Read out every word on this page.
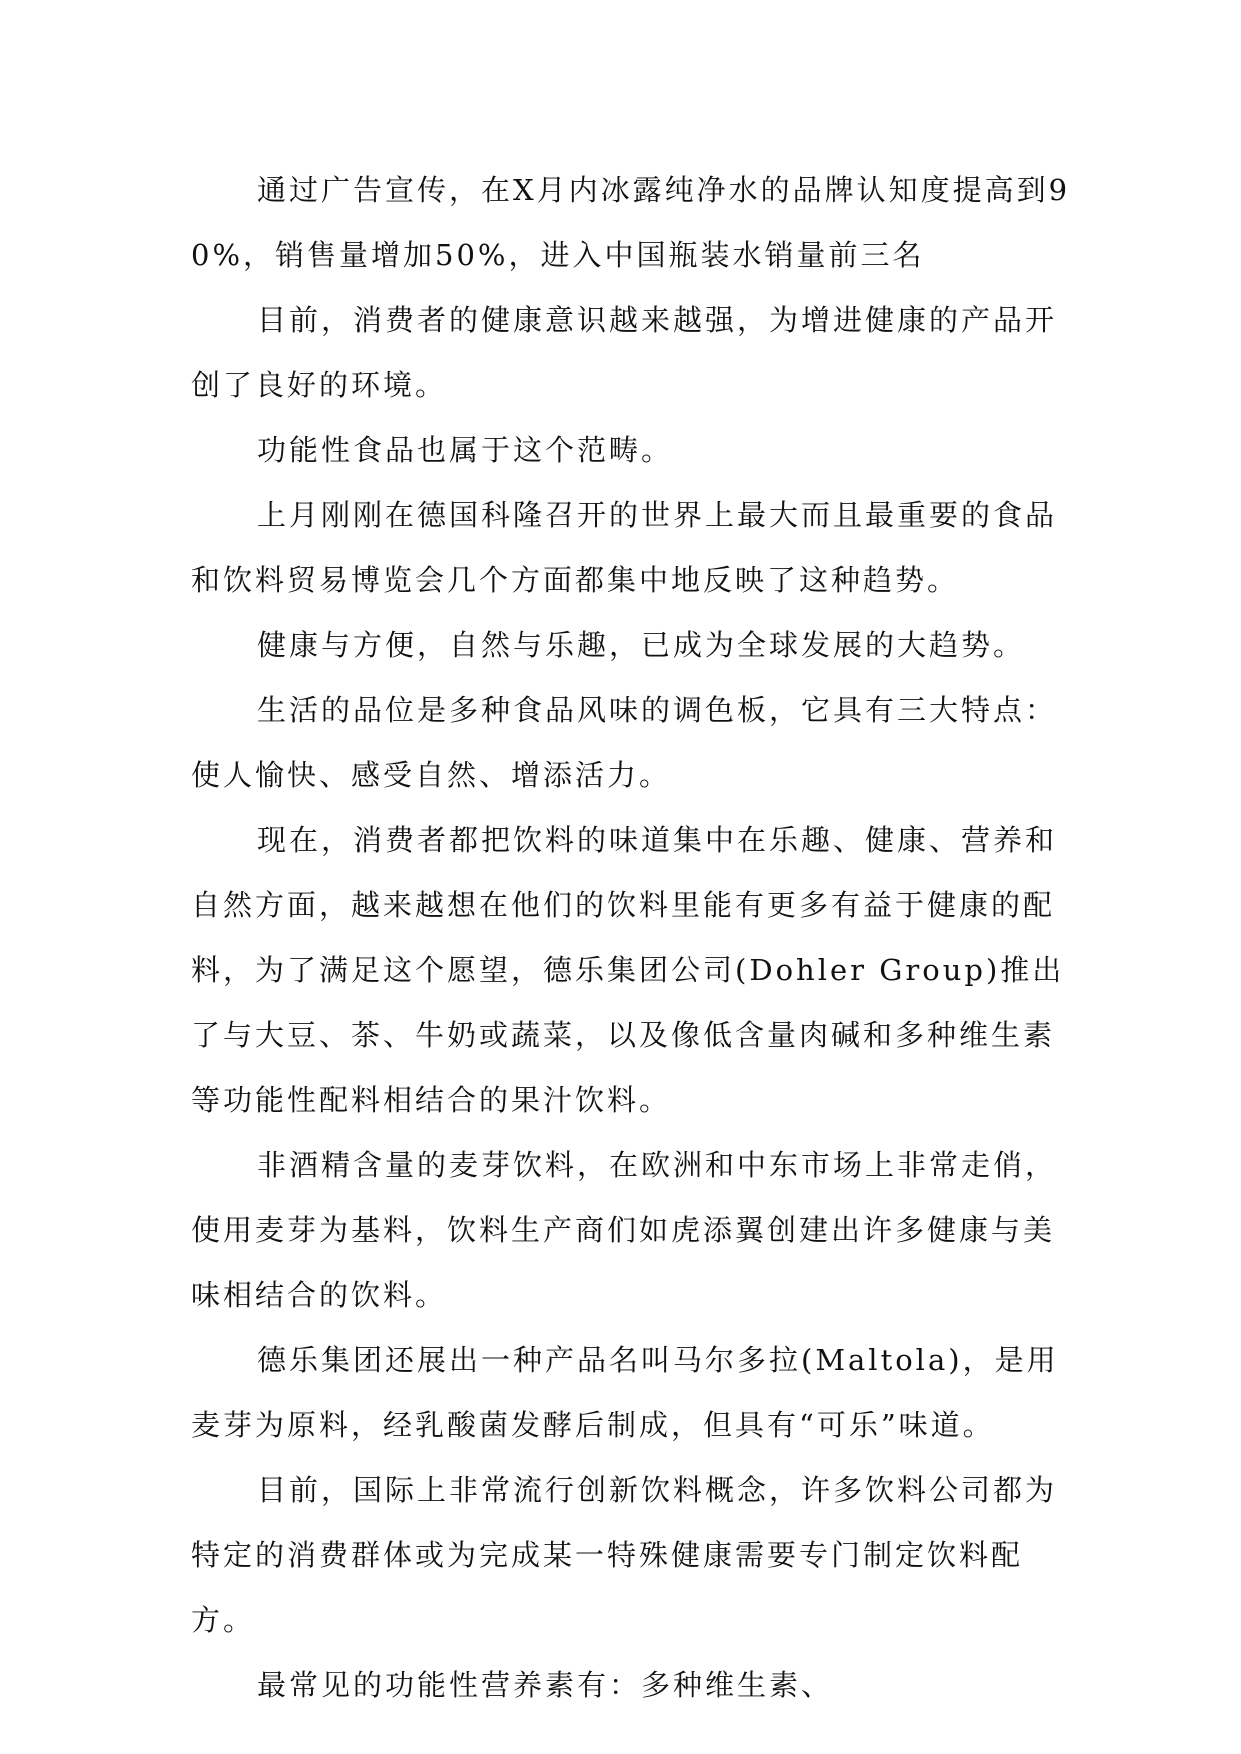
通过广告宣传，在X月内冰露纯净水的品牌认知度提高到90%，销售量增加50%，进入中国瓶装水销量前三名

目前，消费者的健康意识越来越强，为增进健康的产品开创了良好的环境。

功能性食品也属于这个范畴。

上月刚刚在德国科隆召开的世界上最大而且最重要的食品和饮料贸易博览会几个方面都集中地反映了这种趋势。

健康与方便，自然与乐趣，已成为全球发展的大趋势。

生活的品位是多种食品风味的调色板，它具有三大特点：使人愉快、感受自然、增添活力。

现在，消费者都把饮料的味道集中在乐趣、健康、营养和自然方面，越来越想在他们的饮料里能有更多有益于健康的配料，为了满足这个愿望，德乐集团公司(Dohler Group)推出了与大豆、茶、牛奶或蔬菜，以及像低含量肉碱和多种维生素等功能性配料相结合的果汁饮料。

非酒精含量的麦芽饮料，在欧洲和中东市场上非常走俏，使用麦芽为基料，饮料生产商们如虎添翼创建出许多健康与美味相结合的饮料。

德乐集团还展出一种产品名叫马尔多拉(Maltola)，是用麦芽为原料，经乳酸菌发酵后制成，但具有“可乐”味道。

目前，国际上非常流行创新饮料概念，许多饮料公司都为特定的消费群体或为完成某一特殊健康需要专门制定饮料配方。

最常见的功能性营养素有：多种维生素、
